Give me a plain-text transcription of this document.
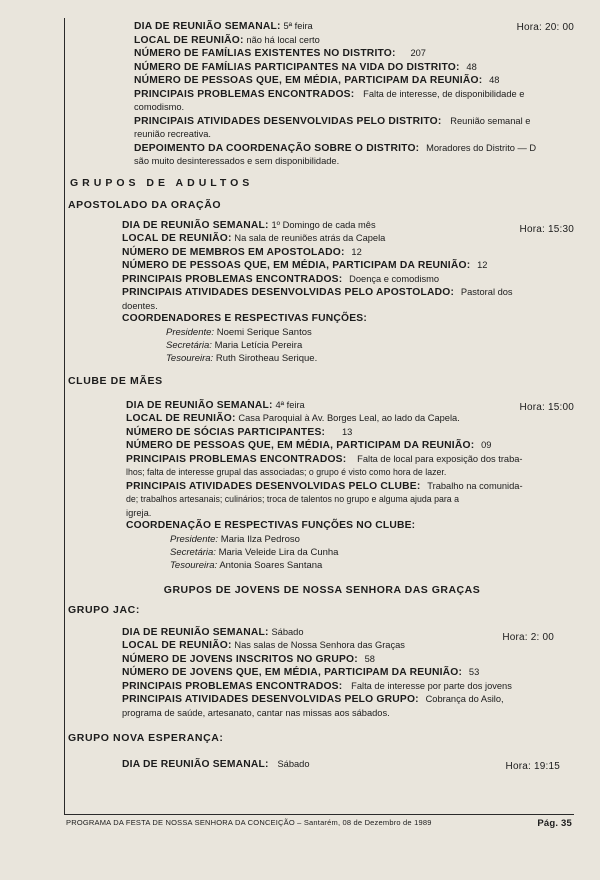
DIA DE REUNIÃO SEMANAL: 5ª feira	Hora: 20: 00

LOCAL DE REUNIÃO: não há local certo

NÚMERO DE FAMÍLIAS EXISTENTES NO DISTRITO: 207

NÚMERO DE FAMÍLIAS PARTICIPANTES NA VIDA DO DISTRITO: 48

NÚMERO DE PESSOAS QUE, EM MÉDIA, PARTICIPAM DA REUNIÃO: 48

PRINCIPAIS PROBLEMAS ENCONTRADOS: Falta de interesse, de disponibilidade e

comodismo.

PRINCIPAIS ATIVIDADES DESENVOLVIDAS PELO DISTRITO: Reunião semanal e

reunião recreativa.

DEPOIMENTO DA COORDENAÇÃO SOBRE O DISTRITO: Moradores do Distrito — D

são muito desinteressados e sem disponibilidade.

GRUPOS DE ADULTOS
APOSTOLADO DA ORAÇÃO

DIA DE REUNIÃO SEMANAL: 1º Domingo de cada mês	Hora: 15:30

LOCAL DE REUNIÃO: Na sala de reuniões atrás da Capela

NÚMERO DE MEMBROS EM APOSTOLADO: 12

NÚMERO DE PESSOAS QUE, EM MÉDIA, PARTICIPAM DA REUNIÃO: 12

PRINCIPAIS PROBLEMAS ENCONTRADOS: Doença e comodismo

PRINCIPAIS ATIVIDADES DESENVOLVIDAS PELO APOSTOLADO: Pastoral dos

doentes.

COORDENADORES E RESPECTIVAS FUNÇÕES:

Presidente: Noemi Serique Santos

Secretária: Maria Letícia Pereira

Tesoureira: Ruth Sirotheau Serique.

CLUBE DE MÃES

DIA DE REUNIÃO SEMANAL: 4ª feira	Hora: 15:00

LOCAL DE REUNIÃO: Casa Paroquial à Av. Borges Leal, ao lado da Capela.

NÚMERO DE SÓCIAS PARTICIPANTES: 13

NÚMERO DE PESSOAS QUE, EM MÉDIA, PARTICIPAM DA REUNIÃO: 09

PRINCIPAIS PROBLEMAS ENCONTRADOS: Falta de local para exposição dos traba-

lhos; falta de interesse grupal das associadas; o grupo é visto como hora de lazer.

PRINCIPAIS ATIVIDADES DESENVOLVIDAS PELO CLUBE: Trabalho na comunida-

de; trabalhos artesanais; culinários; troca de talentos no grupo e alguma ajuda para a

igreja.

COORDENAÇÃO E RESPECTIVAS FUNÇÕES NO CLUBE:

Presidente: Maria Ilza Pedroso

Secretária: Maria Veleide Lira da Cunha

Tesoureira: Antonia Soares Santana

GRUPOS DE JOVENS DE NOSSA SENHORA DAS GRAÇAS
GRUPO JAC:

DIA DE REUNIÃO SEMANAL: Sábado	Hora: 2: 00

LOCAL DE REUNIÃO: Nas salas de Nossa Senhora das Graças

NÚMERO DE JOVENS INSCRITOS NO GRUPO: 58

NÚMERO DE JOVENS QUE, EM MÉDIA, PARTICIPAM DA REUNIÃO: 53

PRINCIPAIS PROBLEMAS ENCONTRADOS: Falta de interesse por parte dos jovens

PRINCIPAIS ATIVIDADES DESENVOLVIDAS PELO GRUPO: Cobrança do Asilo,

programa de saúde, artesanato, cantar nas missas aos sábados.

GRUPO NOVA ESPERANÇA:

DIA DE REUNIÃO SEMANAL: Sábado	Hora: 19:15

PROGRAMA DA FESTA DE NOSSA SENHORA DA CONCEIÇÃO – Santarém, 08 de Dezembro de 1989	Pág. 35
